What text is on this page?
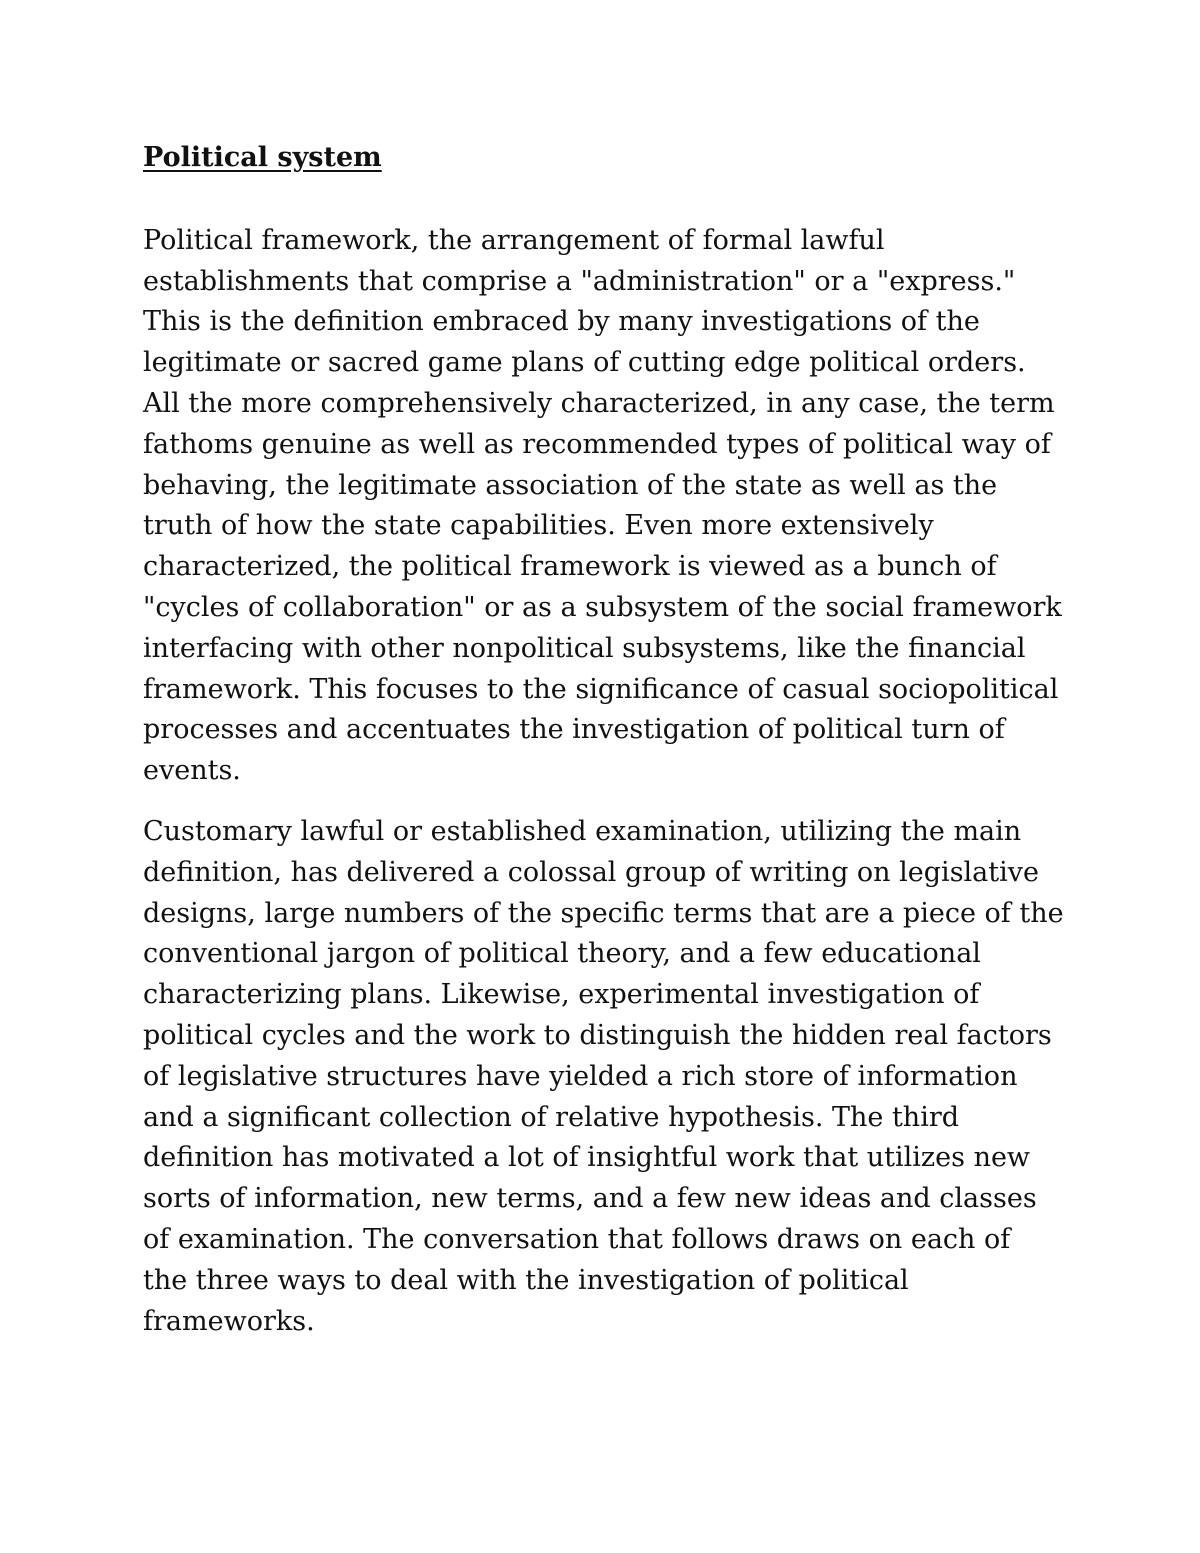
Political system

Political framework, the arrangement of formal lawful
establishments that comprise a "administration" or a "express."
This is the definition embraced by many investigations of the
legitimate or sacred game plans of cutting edge political orders.
All the more comprehensively characterized, in any case, the term
fathoms genuine as well as recommended types of political way of
behaving, the legitimate association of the state as well as the
truth of how the state capabilities. Even more extensively
characterized, the political framework is viewed as a bunch of
"cycles of collaboration" or as a subsystem of the social framework
interfacing with other nonpolitical subsystems, like the financial
framework. This focuses to the significance of casual sociopolitical
processes and accentuates the investigation of political turn of
events.

Customary lawful or established examination, utilizing the main
definition, has delivered a colossal group of writing on legislative
designs, large numbers of the specific terms that are a piece of the
conventional jargon of political theory, and a few educational
characterizing plans. Likewise, experimental investigation of
political cycles and the work to distinguish the hidden real factors
of legislative structures have yielded a rich store of information
and a significant collection of relative hypothesis. The third
definition has motivated a lot of insightful work that utilizes new
sorts of information, new terms, and a few new ideas and classes
of examination. The conversation that follows draws on each of
the three ways to deal with the investigation of political
frameworks.
